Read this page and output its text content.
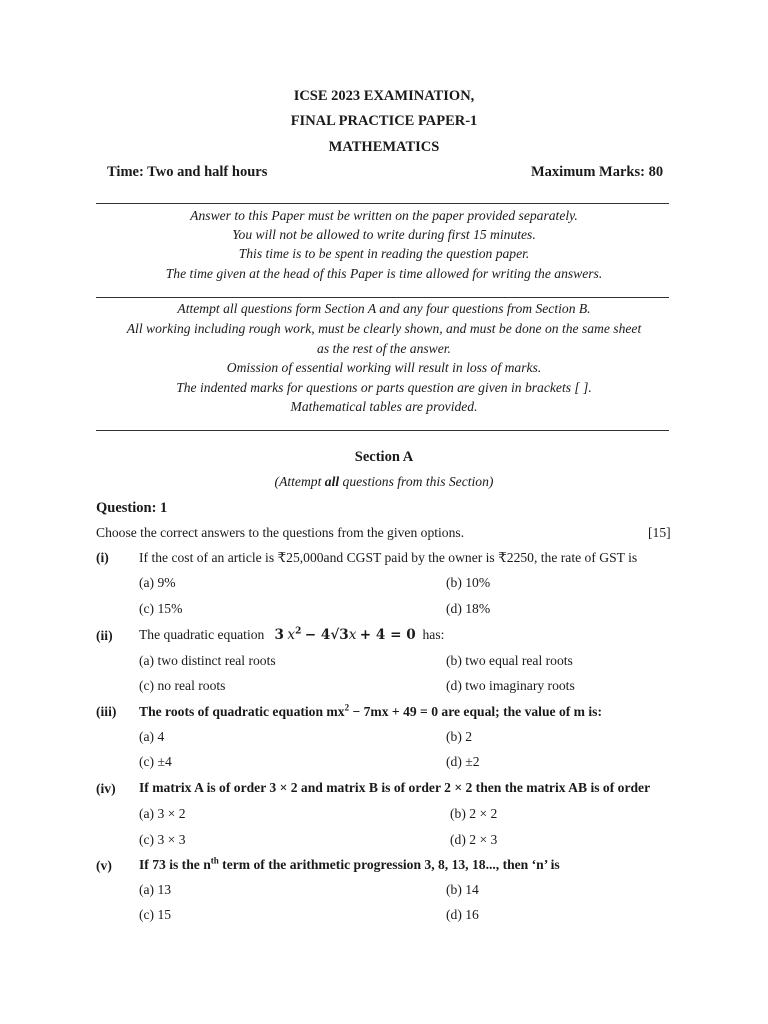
ICSE 2023 EXAMINATION,
FINAL PRACTICE PAPER-1
MATHEMATICS
Time: Two and half hours	Maximum Marks: 80
Answer to this Paper must be written on the paper provided separately.
You will not be allowed to write during first 15 minutes.
This time is to be spent in reading the question paper.
The time given at the head of this Paper is time allowed for writing the answers.
Attempt all questions form Section A and any four questions from Section B.
All working including rough work, must be clearly shown, and must be done on the same sheet
as the rest of the answer.
Omission of essential working will result in loss of marks.
The indented marks for questions or parts question are given in brackets [ ].
Mathematical tables are provided.
Section A
(Attempt all questions from this Section)
Question: 1
Choose the correct answers to the questions from the given options.	[15]
(i) If the cost of an article is ₹25,000and CGST paid by the owner is ₹2250, the rate of GST is
(a) 9%	(b) 10%
(c) 15%	(d) 18%
(ii) The quadratic equation 3 $x^2 - 4√3x + 4 = 0$ has:
(a) two distinct real roots	(b) two equal real roots
(c) no real roots	(d) two imaginary roots
(iii) The roots of quadratic equation $mx^2 - 7mx + 49 = 0$ are equal; the value of m is:
(a) 4	(b) 2
(c) ±4	(d) ±2
(iv) If matrix A is of order 3 × 2 and matrix B is of order 2 × 2 then the matrix AB is of order
(a) 3 × 2	(b) 2 × 2
(c) 3 × 3	(d) 2 × 3
(v) If 73 is the $n^{th}$ term of the arithmetic progression 3, 8, 13, 18..., then ‘n’ is
(a) 13	(b) 14
(c) 15	(d) 16
